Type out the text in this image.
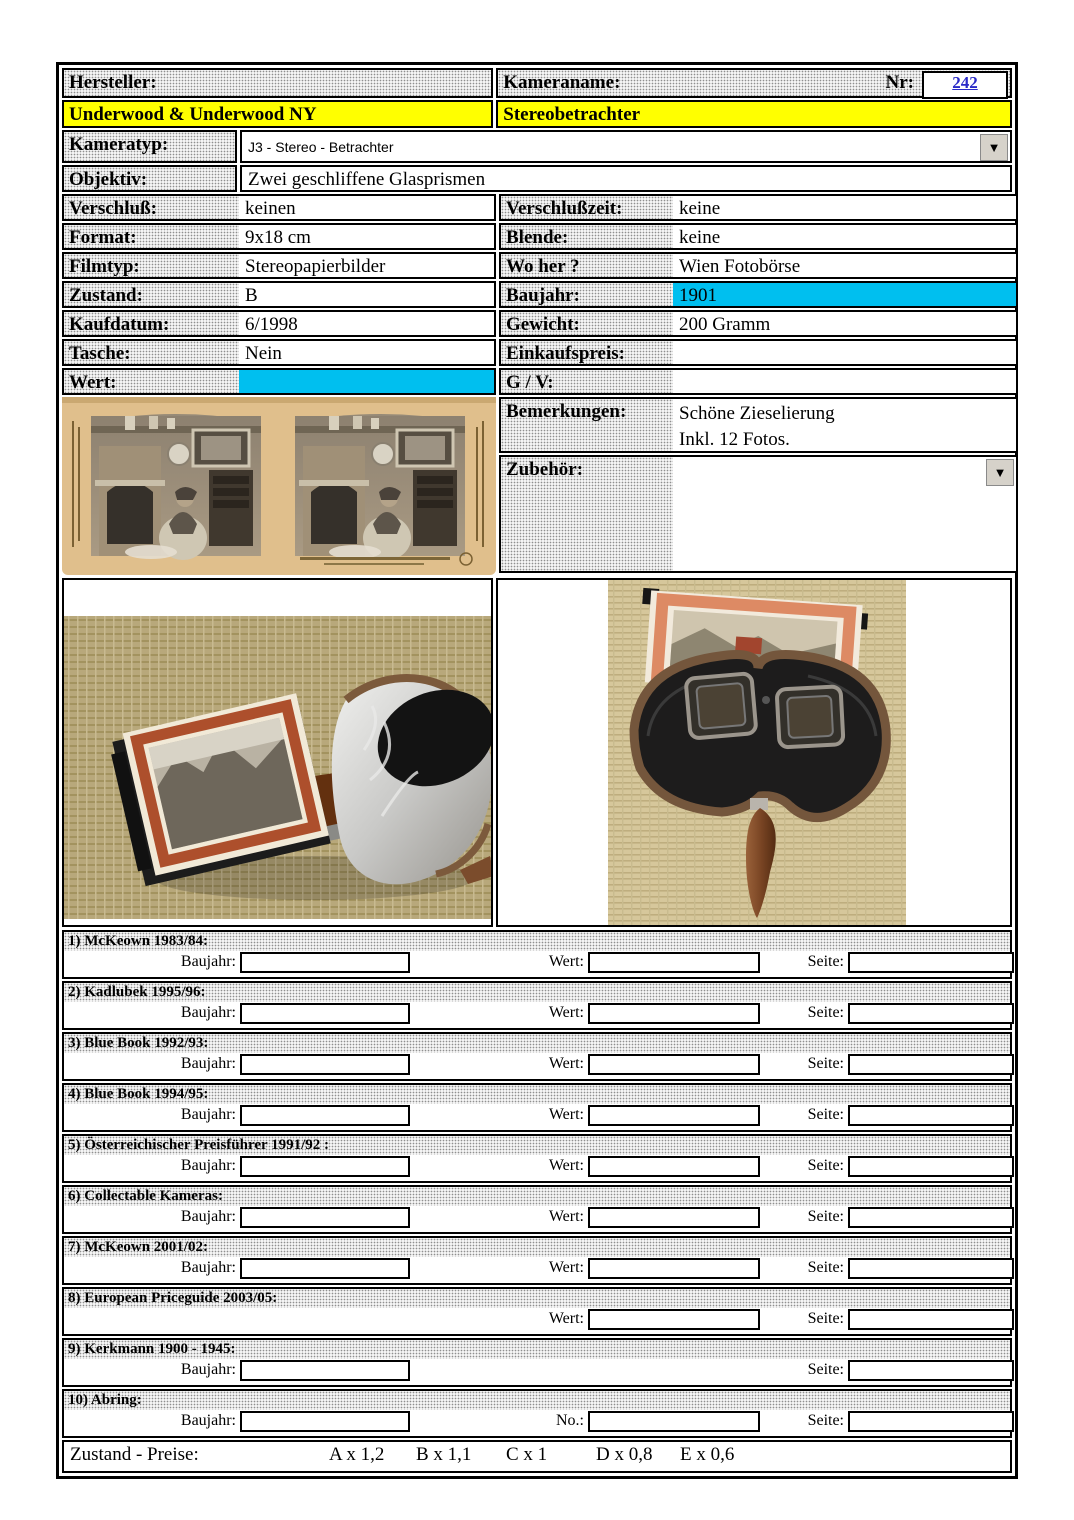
Hersteller:	Kameraname:	Nr:	242
Underwood & Underwood NY	Stereobetrachter
Kameratyp:	J3 - Stereo - Betrachter	▼
Objektiv:	Zwei geschliffene Glasprismen
Verschluß:	keinen	Verschlußzeit:	keine
Format:	9x18 cm	Blende:	keine
Filmtyp:	Stereopapierbilder	Wo her ?	Wien Fotobörse
Zustand:	B	Baujahr:	1901
Kaufdatum:	6/1998	Gewicht:	200 Gramm
Tasche:	Nein	Einkaufspreis:
Wert:	G / V:
Bemerkungen:	Schöne Zieselierung
Inkl. 12 Fotos.
Zubehör:	▼
1) McKeown 1983/84:
Baujahr:	Wert:	Seite:
2) Kadlubek 1995/96:
Baujahr:	Wert:	Seite:
3) Blue Book 1992/93:
Baujahr:	Wert:	Seite:
4) Blue Book 1994/95:
Baujahr:	Wert:	Seite:
5) Österreichischer Preisführer 1991/92 :
Baujahr:	Wert:	Seite:
6) Collectable Kameras:
Baujahr:	Wert:	Seite:
7) McKeown 2001/02:
Baujahr:	Wert:	Seite:
8) European Priceguide 2003/05:
Wert:	Seite:
9) Kerkmann 1900 - 1945:
Baujahr:	Seite:
10) Abring:
Baujahr:	No.:	Seite:
Zustand - Preise:	A x 1,2 B x 1,1 C x 1	D x 0,8 E x 0,6
